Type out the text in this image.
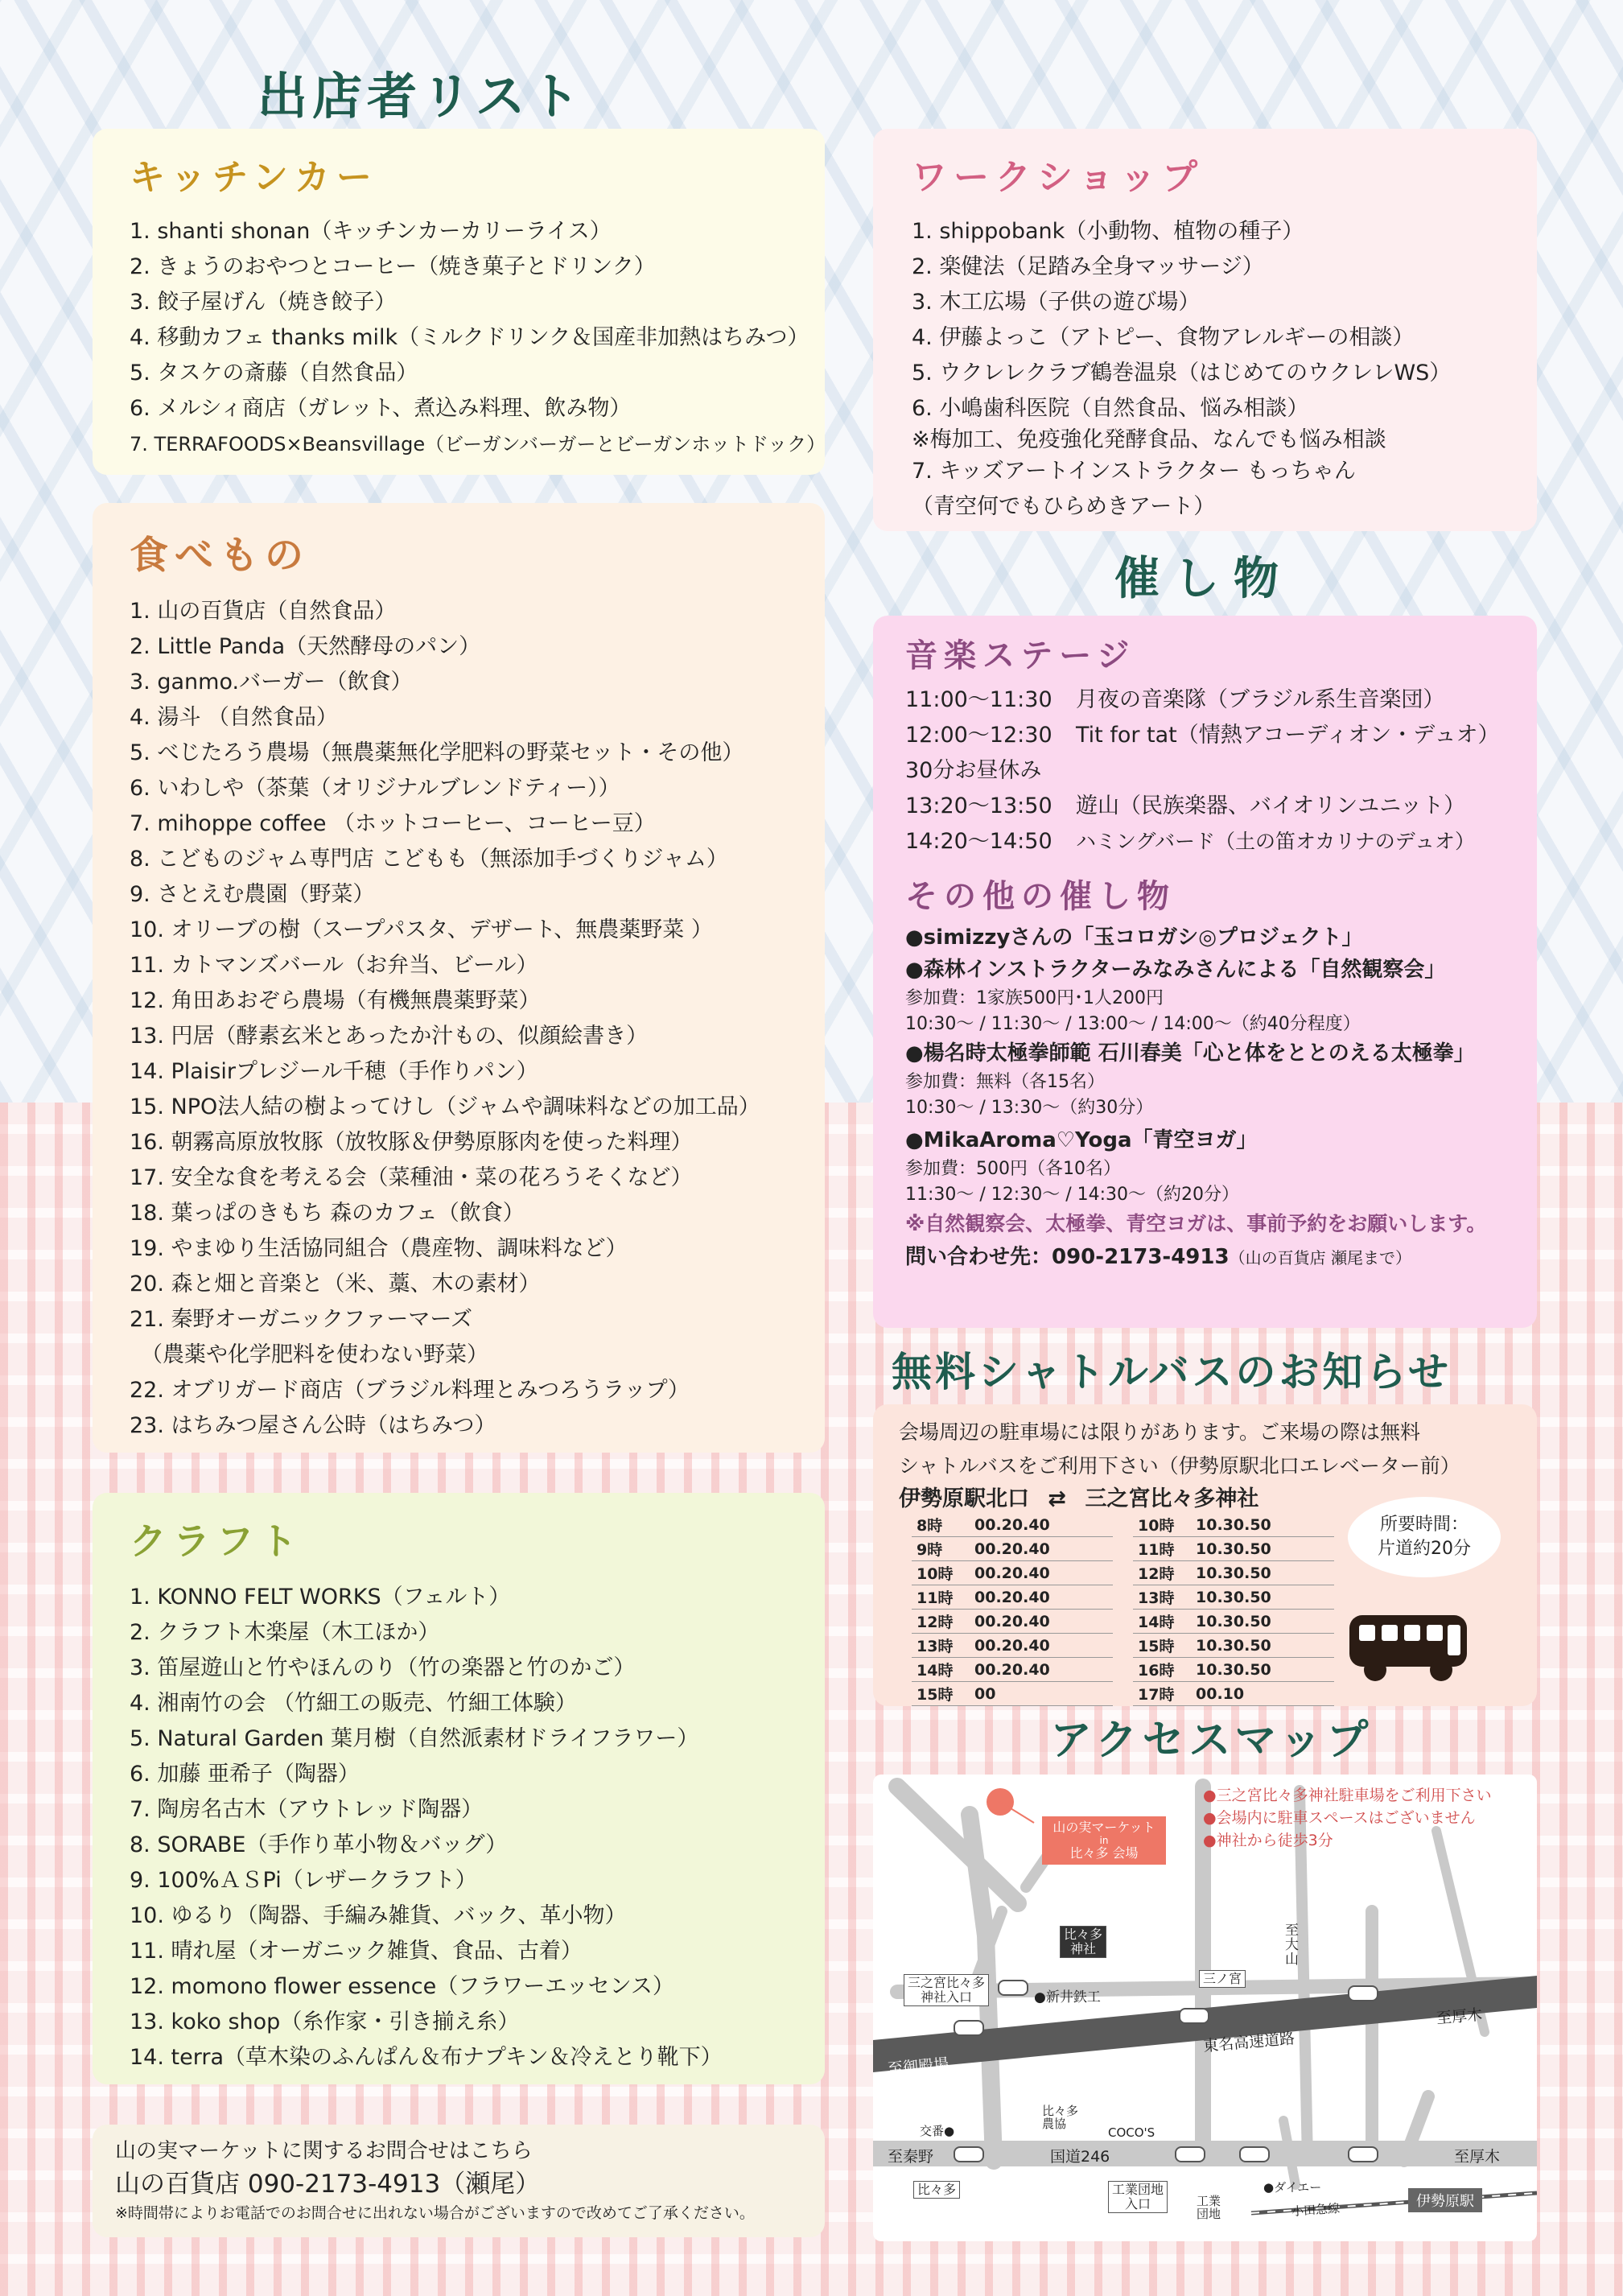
出店者リスト
キッチンカー
1. shanti shonan（キッチンカーカリーライス）
2. きょうのおやつとコーヒー（焼き菓子とドリンク）
3. 餃子屋げん（焼き餃子）
4. 移動カフェ thanks milk（ミルクドリンク＆国産非加熱はちみつ）
5. タスケの斎藤（自然食品）
6. メルシィ商店（ガレット、煮込み料理、飲み物）
7. TERRAFOODS×Beansvillage（ビーガンバーガーとビーガンホットドック）
ワークショップ
1. shippobank（小動物、植物の種子）
2. 楽健法（足踏み全身マッサージ）
3. 木工広場（子供の遊び場）
4. 伊藤よっこ（アトピー、食物アレルギーの相談）
5. ウクレレクラブ鶴巻温泉（はじめてのウクレレWS）
6. 小嶋歯科医院（自然食品、悩み相談）
※梅加工、免疫強化発酵食品、なんでも悩み相談
7. キッズアートインストラクター もっちゃん
（青空何でもひらめきアート）
食べもの
1. 山の百貨店（自然食品）
2. Little Panda（天然酵母のパン）
3. ganmo.バーガー（飲食）
4. 湯斗 （自然食品）
5. べじたろう農場（無農薬無化学肥料の野菜セット・その他）
6. いわしや（茶葉（オリジナルブレンドティー））
7. mihoppe coffee （ホットコーヒー、コーヒー豆）
8. こどものジャム専門店 こどもも（無添加手づくりジャム）
9. さとえむ農園（野菜）
10. オリーブの樹（スープパスタ、デザート、無農薬野菜 ）
11. カトマンズバール（お弁当、ビール）
12. 角田あおぞら農場（有機無農薬野菜）
13. 円居（酵素玄米とあったか汁もの、似顔絵書き）
14. Plaisirプレジール千穂（手作りパン）
15. NPO法人結の樹よってけし（ジャムや調味料などの加工品）
16. 朝霧高原放牧豚（放牧豚＆伊勢原豚肉を使った料理）
17. 安全な食を考える会（菜種油・菜の花ろうそくなど）
18. 葉っぱのきもち 森のカフェ（飲食）
19. やまゆり生活協同組合（農産物、調味料など）
20. 森と畑と音楽と（米、藁、木の素材）
21. 秦野オーガニックファーマーズ
（農薬や化学肥料を使わない野菜）
22. オブリガード商店（ブラジル料理とみつろうラップ）
23. はちみつ屋さん公時（はちみつ）
催し物
音楽ステージ
11:00～11:30 月夜の音楽隊（ブラジル系生音楽団）
12:00～12:30 Tit for tat（情熱アコーディオン・デュオ）
30分お昼休み
13:20～13:50 遊山（民族楽器、バイオリンユニット）
14:20～14:50 ハミングバード（土の笛オカリナのデュオ）
その他の催し物
●simizzyさんの「玉コロガシ◎プロジェクト」
●森林インストラクターみなみさんによる「自然観察会」
参加費：1家族500円･1人200円
10:30～ / 11:30～ / 13:00～ / 14:00～（約40分程度）
●楊名時太極拳師範 石川春美「心と体をととのえる太極拳」
参加費：無料（各15名）
10:30～ / 13:30～（約30分）
●MikaAroma♡Yoga「青空ヨガ」
参加費：500円（各10名）
11:30～ / 12:30～ / 14:30～（約20分）
※自然観察会、太極拳、青空ヨガは、事前予約をお願いします。
問い合わせ先：090-2173-4913（山の百貨店 瀬尾まで）
無料シャトルバスのお知らせ
会場周辺の駐車場には限りがあります。ご来場の際は無料
シャトルバスをご利用下さい（伊勢原駅北口エレベーター前）
伊勢原駅北口 ⇄ 三之宮比々多神社
8時	00.20.40
9時	00.20.40
10時	00.20.40
11時	00.20.40
12時	00.20.40
13時	00.20.40
14時	00.20.40
15時	00
10時	10.30.50
11時	10.30.50
12時	10.30.50
13時	10.30.50
14時	10.30.50
15時	10.30.50
16時	10.30.50
17時	00.10
所要時間：
片道約20分
クラフト
1. KONNO FELT WORKS（フェルト）
2. クラフト木楽屋（木工ほか）
3. 笛屋遊山と竹やほんのり（竹の楽器と竹のかご）
4. 湘南竹の会 （竹細工の販売、竹細工体験）
5. Natural Garden 葉月樹（自然派素材ドライフラワー）
6. 加藤 亜希子（陶器）
7. 陶房名古木（アウトレッド陶器）
8. SORABE（手作り革小物＆バッグ）
9. 100%ＡＳPi（レザークラフト）
10. ゆるり（陶器、手編み雑貨、バック、革小物）
11. 晴れ屋（オーガニック雑貨、食品、古着）
12. momono flower essence（フラワーエッセンス）
13. koko shop（糸作家・引き揃え糸）
14. terra（草木染のふんぱん＆布ナプキン＆冷えとり靴下）
山の実マーケットに関するお問合せはこちら
山の百貨店 090-2173-4913（瀬尾）
※時間帯によりお電話でのお問合せに出れない場合がございますので改めてご了承ください。
アクセスマップ
山の実マーケット
in
比々多 会場
●三之宮比々多神社駐車場をご利用下さい
●会場内に駐車スペースはございません
●神社から徒歩3分
比々多
神社
三之宮比々多
神社入口	●新井鉄工
三ノ宮
至大山
東名高速道路
至厚木
至御殿場
交番●
比々多
農協
COCO'S
至秦野	国道246	至厚木
比々多	工業団地
入口	工業
団地
●ダイエー
小田急線	伊勢原駅
